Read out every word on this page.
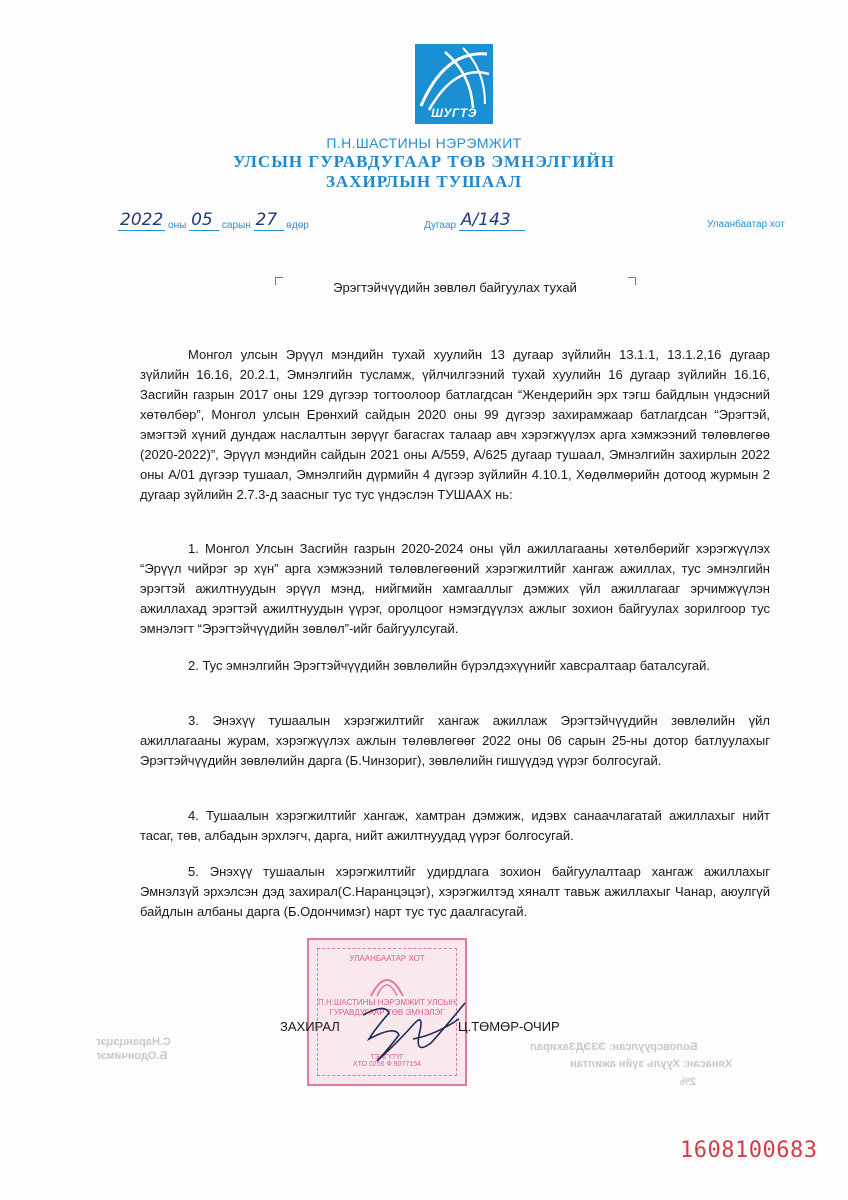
ШУГТЭ
П.Н.ШАСТИНЫ НЭРЭМЖИТ
УЛСЫН ГУРАВДУГААР ТӨВ ЭМНЭЛГИЙН
ЗАХИРЛЫН ТУШААЛ
2022 оны 05 сарын 27 өдөр	Дугаар A/143	Улаанбаатар хот
Эрэгтэйчүүдийн зөвлөл байгуулах тухай
Монгол улсын Эрүүл мэндийн тухай хуулийн 13 дугаар зүйлийн 13.1.1, 13.1.2,16 дугаар зүйлийн 16.16, 20.2.1, Эмнэлгийн тусламж, үйлчилгээний тухай хуулийн 16 дугаар зүйлийн 16.16, Засгийн газрын 2017 оны 129 дүгээр тогтоолоор батлагдсан “Жендерийн эрх тэгш байдлын үндэсний хөтөлбөр”, Монгол улсын Ерөнхий сайдын 2020 оны 99 дүгээр захирамжаар батлагдсан “Эрэгтэй, эмэгтэй хүний дундаж наслалтын зөрүүг багасгах талаар авч хэрэгжүүлэх арга хэмжээний төлөвлөгөө (2020-2022)”, Эрүүл мэндийн сайдын 2021 оны А/559, А/625 дугаар тушаал, Эмнэлгийн захирлын 2022 оны А/01 дүгээр тушаал, Эмнэлгийн дүрмийн 4 дүгээр зүйлийн 4.10.1, Хөдөлмөрийн дотоод журмын 2 дугаар зүйлийн 2.7.3-д заасныг тус тус үндэслэн ТУШААХ нь:
1. Монгол Улсын Засгийн газрын 2020-2024 оны үйл ажиллагааны хөтөлбөрийг хэрэгжүүлэх “Эрүүл чийрэг эр хүн” арга хэмжээний төлөвлөгөөний хэрэгжилтийг хангаж ажиллах, тус эмнэлгийн эрэгтэй ажилтнуудын эрүүл мэнд, нийгмийн хамгааллыг дэмжих үйл ажиллагааг эрчимжүүлэн ажиллахад эрэгтэй ажилтнуудын үүрэг, оролцоог нэмэгдүүлэх ажлыг зохион байгуулах зорилгоор тус эмнэлэгт “Эрэгтэйчүүдийн зөвлөл”-ийг байгуулсугай.
2. Тус эмнэлгийн Эрэгтэйчүүдийн зөвлөлийн бүрэлдэхүүнийг хавсралтаар баталсугай.
3. Энэхүү тушаалын хэрэгжилтийг хангаж ажиллаж Эрэгтэйчүүдийн зөвлөлийн үйл ажиллагааны журам, хэрэгжүүлэх ажлын төлөвлөгөөг 2022 оны 06 сарын 25-ны дотор батлуулахыг Эрэгтэйчүүдийн зөвлөлийн дарга (Б.Чинзориг), зөвлөлийн гишүүдэд үүрэг болгосугай.
4. Тушаалын хэрэгжилтийг хангаж, хамтран дэмжиж, идэвх санаачлагатай ажиллахыг нийт тасаг, төв, албадын эрхлэгч, дарга, нийт ажилтнуудад үүрэг болгосугай.
5. Энэхүү тушаалын хэрэгжилтийг удирдлага зохион байгуулалтаар хангаж ажиллахыг Эмнэлзүй эрхэлсэн дэд захирал(С.Наранцэцэг), хэрэгжилтэд хяналт тавьж ажиллахыг Чанар, аюулгүй байдлын албаны дарга (Б.Одончимэг) нарт тус тус даалгасугай.
С.Наранцэцэг
Б.Одончимэг
Боловсруулсан: ЭЗЭДЗахирал
Хянасан: Хууль зүйн ажилтан
2%
УЛААНБААТАР ХОТ
П.Н.ШАСТИНЫ НЭРЭМЖИТ УЛСЫН ГУРАВДУГААР ТӨВ ЭМНЭЛЭГ
ТЭАГҮТҮГ
ХТО 0256 Ф 9077154
ЗАХИРАЛ	Ц.ТӨМӨР-ОЧИР
1608100683
